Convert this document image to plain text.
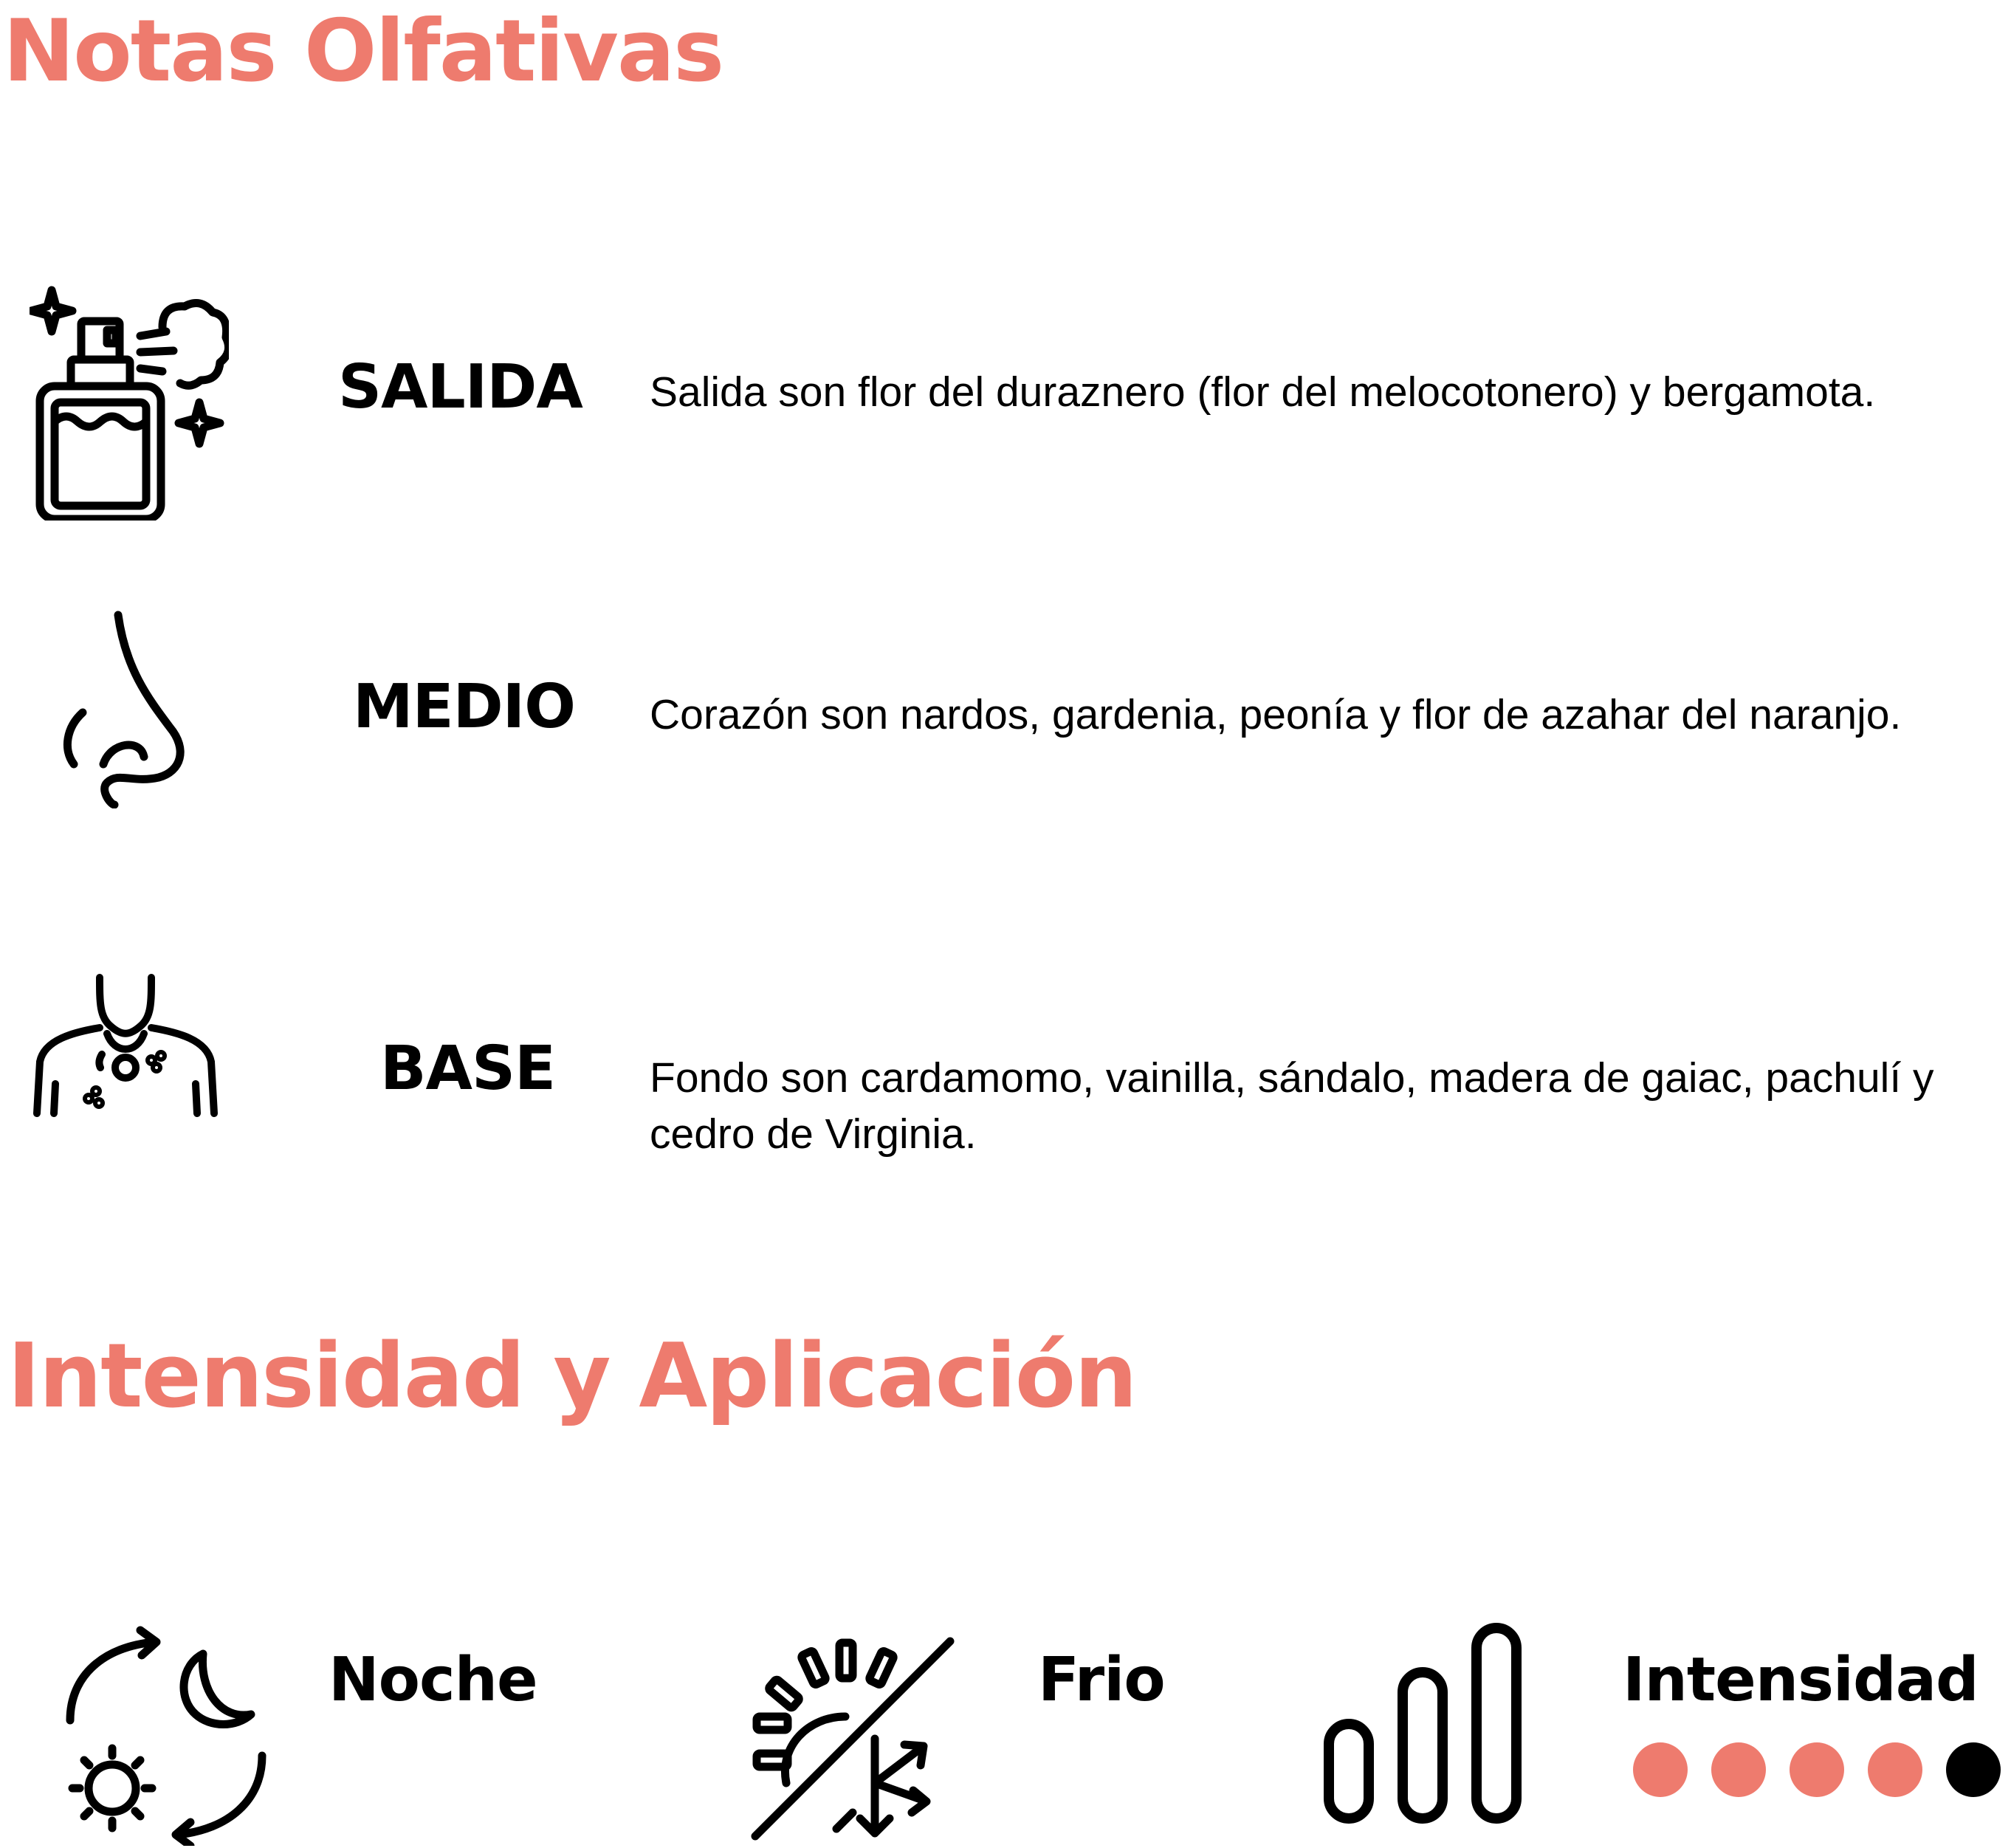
Notas Olfativas
SALIDA Salida son flor del duraznero (flor del melocotonero) y bergamota.

MEDIO Corazón son nardos, gardenia, peonía y flor de azahar del naranjo.

BASE Fondo son cardamomo, vainilla, sándalo, madera de gaiac, pachulí y cedro de Virginia.

Intensidad y Aplicación
Noche	Frio	Intensidad
